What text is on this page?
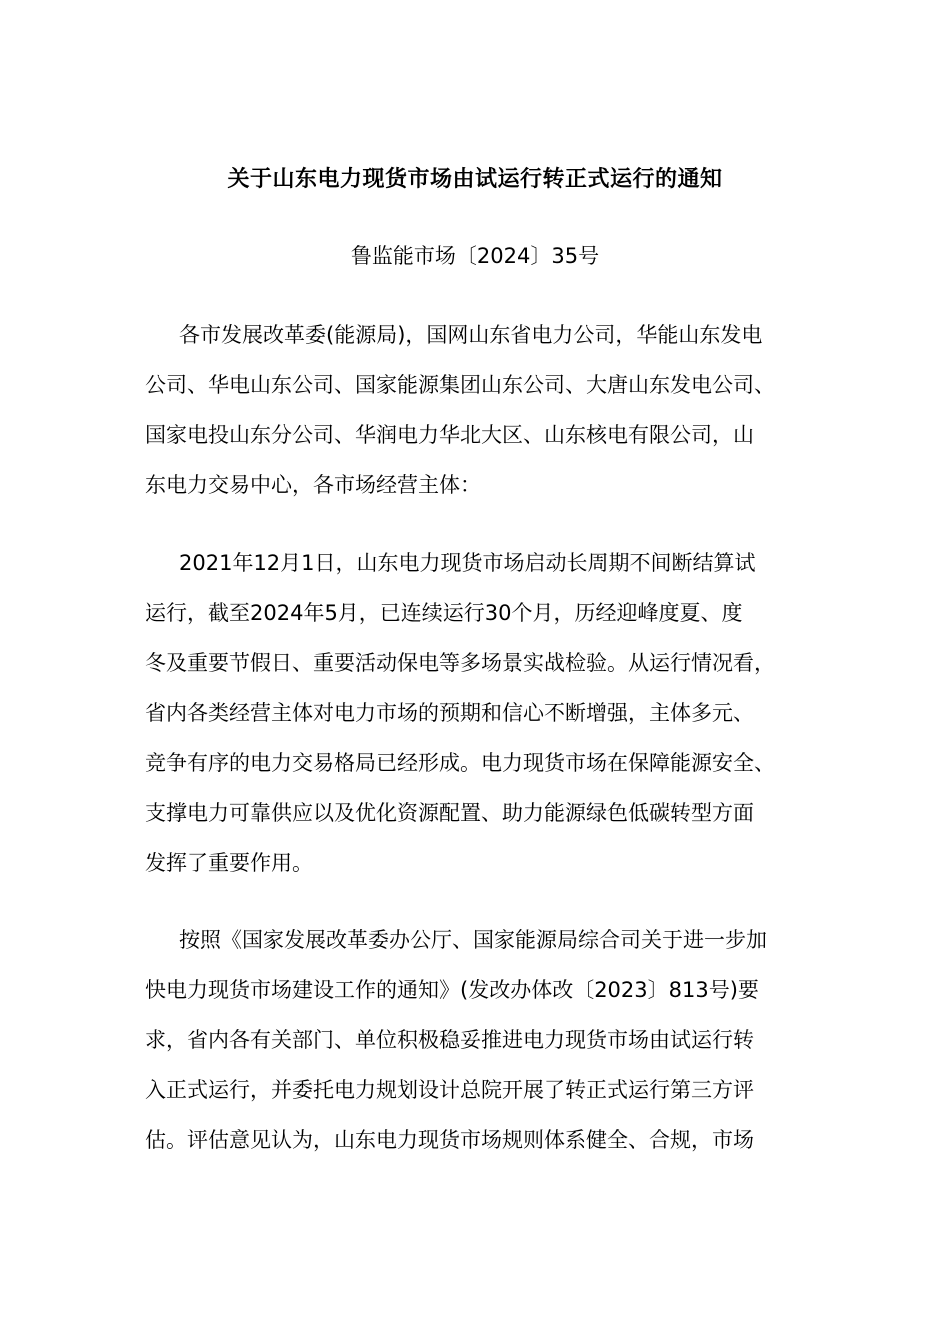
关于山东电力现货市场由试运行转正式运行的通知
鲁监能市场〔2024〕35号
各市发展改革委(能源局)，国网山东省电力公司，华能山东发电
公司、华电山东公司、国家能源集团山东公司、大唐山东发电公司、
国家电投山东分公司、华润电力华北大区、山东核电有限公司，山
东电力交易中心，各市场经营主体：
2021年12月1日，山东电力现货市场启动长周期不间断结算试
运行，截至2024年5月，已连续运行30个月，历经迎峰度夏、度
冬及重要节假日、重要活动保电等多场景实战检验。从运行情况看，
省内各类经营主体对电力市场的预期和信心不断增强，主体多元、
竞争有序的电力交易格局已经形成。电力现货市场在保障能源安全、
支撑电力可靠供应以及优化资源配置、助力能源绿色低碳转型方面
发挥了重要作用。
按照《国家发展改革委办公厅、国家能源局综合司关于进一步加
快电力现货市场建设工作的通知》(发改办体改〔2023〕813号)要
求，省内各有关部门、单位积极稳妥推进电力现货市场由试运行转
入正式运行，并委托电力规划设计总院开展了转正式运行第三方评
估。评估意见认为，山东电力现货市场规则体系健全、合规，市场
